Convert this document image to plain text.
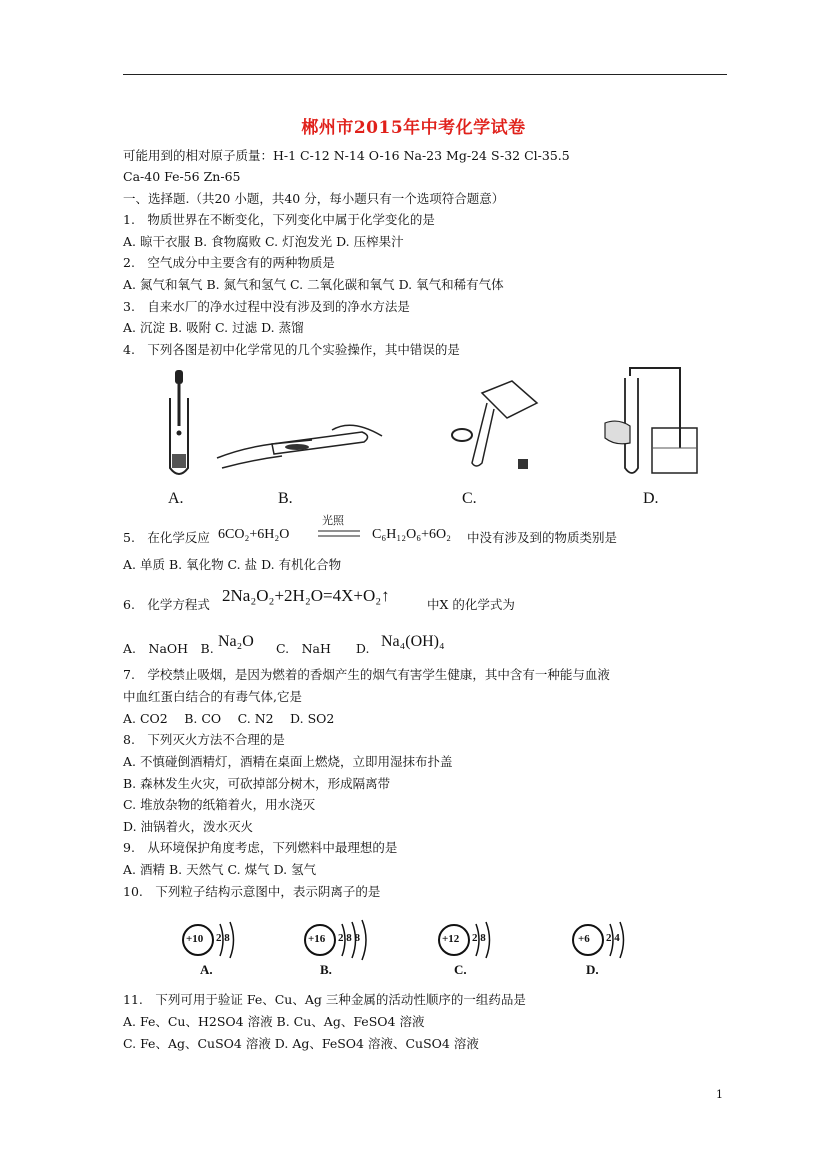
郴州市2015年中考化学试卷
可能用到的相对原子质量：H-1 C-12 N-14 O-16 Na-23 Mg-24 S-32 Cl-35.5
Ca-40 Fe-56 Zn-65
一、选择题.（共20 小题，共40 分，每小题只有一个选项符合题意）
1.　物质世界在不断变化，下列变化中属于化学变化的是
A. 晾干衣服 B. 食物腐败 C. 灯泡发光 D. 压榨果汁
2.　空气成分中主要含有的两种物质是
A. 氮气和氧气 B. 氮气和氢气 C. 二氧化碳和氧气 D. 氧气和稀有气体
3.　自来水厂的净水过程中没有涉及到的净水方法是
A. 沉淀 B. 吸附 C. 过滤 D. 蒸馏
4.　下列各图是初中化学常见的几个实验操作，其中错误的是
A.	B.	C.	D.
5.　在化学反应 6CO₂+6H₂O
光照
C₆H₁₂O₆+6O₂ 中没有涉及到的物质类别是
A. 单质 B. 氧化物 C. 盐 D. 有机化合物
6.　化学方程式 2Na₂O₂+2H₂O=4X+O₂↑	中X 的化学式为
A.　NaOH　B. Na₂O C.　NaH　　D. Na₄(OH)₄
7.　学校禁止吸烟，是因为燃着的香烟产生的烟气有害学生健康，其中含有一种能与血液
中血红蛋白结合的有毒气体,它是
A. CO2　 B. CO　 C. N2　 D. SO2
8.　下列灭火方法不合理的是
A. 不慎碰倒酒精灯，酒精在桌面上燃烧，立即用湿抹布扑盖
B. 森林发生火灾，可砍掉部分树木，形成隔离带
C. 堆放杂物的纸箱着火，用水浇灭
D. 油锅着火，泼水灭火
9.　从环境保护角度考虑，下列燃料中最理想的是
A. 酒精 B. 天然气 C. 煤气 D. 氢气
10.　下列粒子结构示意图中，表示阴离子的是
+10 2 8
A.
+16 2 8 8
B.
+12 2 8
C.
+6 2 4
D.
11.　下列可用于验证 Fe、Cu、Ag 三种金属的活动性顺序的一组药品是
A. Fe、Cu、H2SO4 溶液 B. Cu、Ag、FeSO4 溶液
C. Fe、Ag、CuSO4 溶液 D. Ag、FeSO4 溶液、CuSO4 溶液
1
